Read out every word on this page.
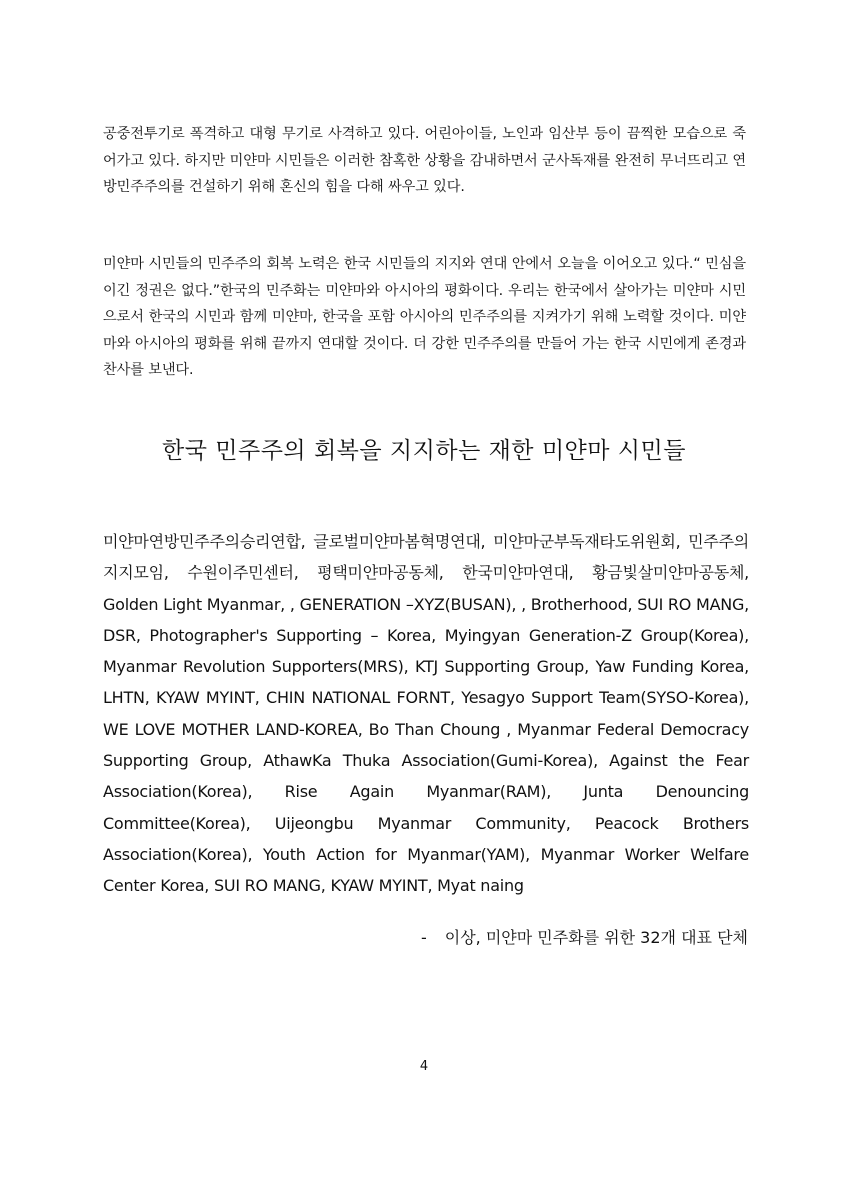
공중전투기로 폭격하고 대형 무기로 사격하고 있다. 어린아이들, 노인과 임산부 등이 끔찍한 모습으로 죽어가고 있다. 하지만 미얀마 시민들은 이러한 참혹한 상황을 감내하면서 군사독재를 완전히 무너뜨리고 연방민주주의를 건설하기 위해 혼신의 힘을 다해 싸우고 있다.

미얀마 시민들의 민주주의 회복 노력은 한국 시민들의 지지와 연대 안에서 오늘을 이어오고 있다.“ 민심을 이긴 정권은 없다.”한국의 민주화는 미얀마와 아시아의 평화이다. 우리는 한국에서 살아가는 미얀마 시민으로서 한국의 시민과 함께 미얀마, 한국을 포함 아시아의 민주주의를 지켜가기 위해 노력할 것이다. 미얀마와 아시아의 평화를 위해 끝까지 연대할 것이다. 더 강한 민주주의를 만들어 가는 한국 시민에게 존경과 찬사를 보낸다.

한국 민주주의 회복을 지지하는 재한 미얀마 시민들

미얀마연방민주주의승리연합, 글로벌미얀마봄혁명연대, 미얀마군부독재타도위원회, 민주주의지지모임, 수원이주민센터, 평택미얀마공동체, 한국미얀마연대, 황금빛살미얀마공동체, Golden Light Myanmar, , GENERATION –XYZ(BUSAN), , Brotherhood, SUI RO MANG, DSR, Photographer's Supporting – Korea, Myingyan Generation-Z Group(Korea), Myanmar Revolution Supporters(MRS), KTJ Supporting Group, Yaw Funding Korea, LHTN, KYAW MYINT, CHIN NATIONAL FORNT, Yesagyo Support Team(SYSO-Korea), WE LOVE MOTHER LAND-KOREA, Bo Than Choung , Myanmar Federal Democracy Supporting Group, AthawKa Thuka Association(Gumi-Korea), Against the Fear Association(Korea), Rise Again Myanmar(RAM), Junta Denouncing Committee(Korea), Uijeongbu Myanmar Community, Peacock Brothers Association(Korea), Youth Action for Myanmar(YAM), Myanmar Worker Welfare Center Korea, SUI RO MANG, KYAW MYINT, Myat naing

- 이상, 미얀마 민주화를 위한 32개 대표 단체

4
